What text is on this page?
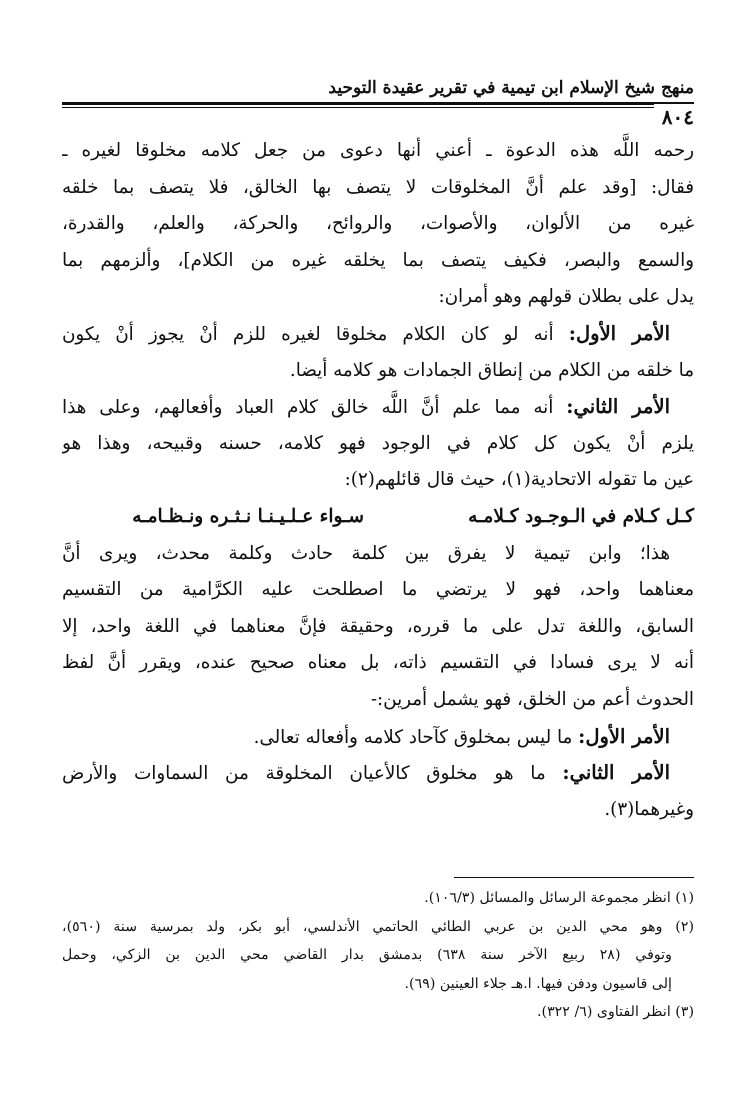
منهج شيخ الإسلام ابن تيمية في تقرير عقيدة التوحيد
٨٠٤
رحمه اللَّه هذه الدعوة ـ أعني أنها دعوى من جعل كلامه مخلوقا لغيره ـ
فقال: [وقد علم أنَّ المخلوقات لا يتصف بها الخالق، فلا يتصف بما خلقه
غيره من الألوان، والأصوات، والروائح، والحركة، والعلم، والقدرة،
والسمع والبصر، فكيف يتصف بما يخلقه غيره من الكلام]، وألزمهم بما
يدل على بطلان قولهم وهو أمران:
الأمر الأول: أنه لو كان الكلام مخلوقا لغيره للزم أنْ يجوز أنْ يكون
ما خلقه من الكلام من إنطاق الجمادات هو كلامه أيضا.
الأمر الثاني: أنه مما علم أنَّ اللَّه خالق كلام العباد وأفعالهم، وعلى هذا
يلزم أنْ يكون كل كلام في الوجود فهو كلامه، حسنه وقبيحه، وهذا هو
عين ما تقوله الاتحادية(١)، حيث قال قائلهم(٢):
كـل كـلام في الـوجـود كـلامـهسـواء عـلـيـنـا نـثـره ونـظـامـه
هذا؛ وابن تيمية لا يفرق بين كلمة حادث وكلمة محدث، ويرى أنَّ
معناهما واحد، فهو لا يرتضي ما اصطلحت عليه الكرَّامية من التقسيم
السابق، واللغة تدل على ما قرره، وحقيقة فإنَّ معناهما في اللغة واحد، إلا
أنه لا يرى فسادا في التقسيم ذاته، بل معناه صحيح عنده، ويقرر أنَّ لفظ
الحدوث أعم من الخلق، فهو يشمل أمرين:-
الأمر الأول: ما ليس بمخلوق كآحاد كلامه وأفعاله تعالى.
الأمر الثاني: ما هو مخلوق كالأعيان المخلوقة من السماوات والأرض
وغيرهما(٣).
(١) انظر مجموعة الرسائل والمسائل (١٠٦/٣).
(٢) وهو محي الدين بن عربي الطائي الحاتمي الأندلسي، أبو بكر، ولد بمرسية سنة (٥٦٠)،
وتوفي (٢٨ ربيع الآخر سنة ٦٣٨) بدمشق بدار القاضي محي الدين بن الزكي، وحمل
إلى قاسيون ودفن فيها. ا.هـ جلاء العينين (٦٩).
(٣) انظر الفتاوى (٦/ ٣٢٢).
